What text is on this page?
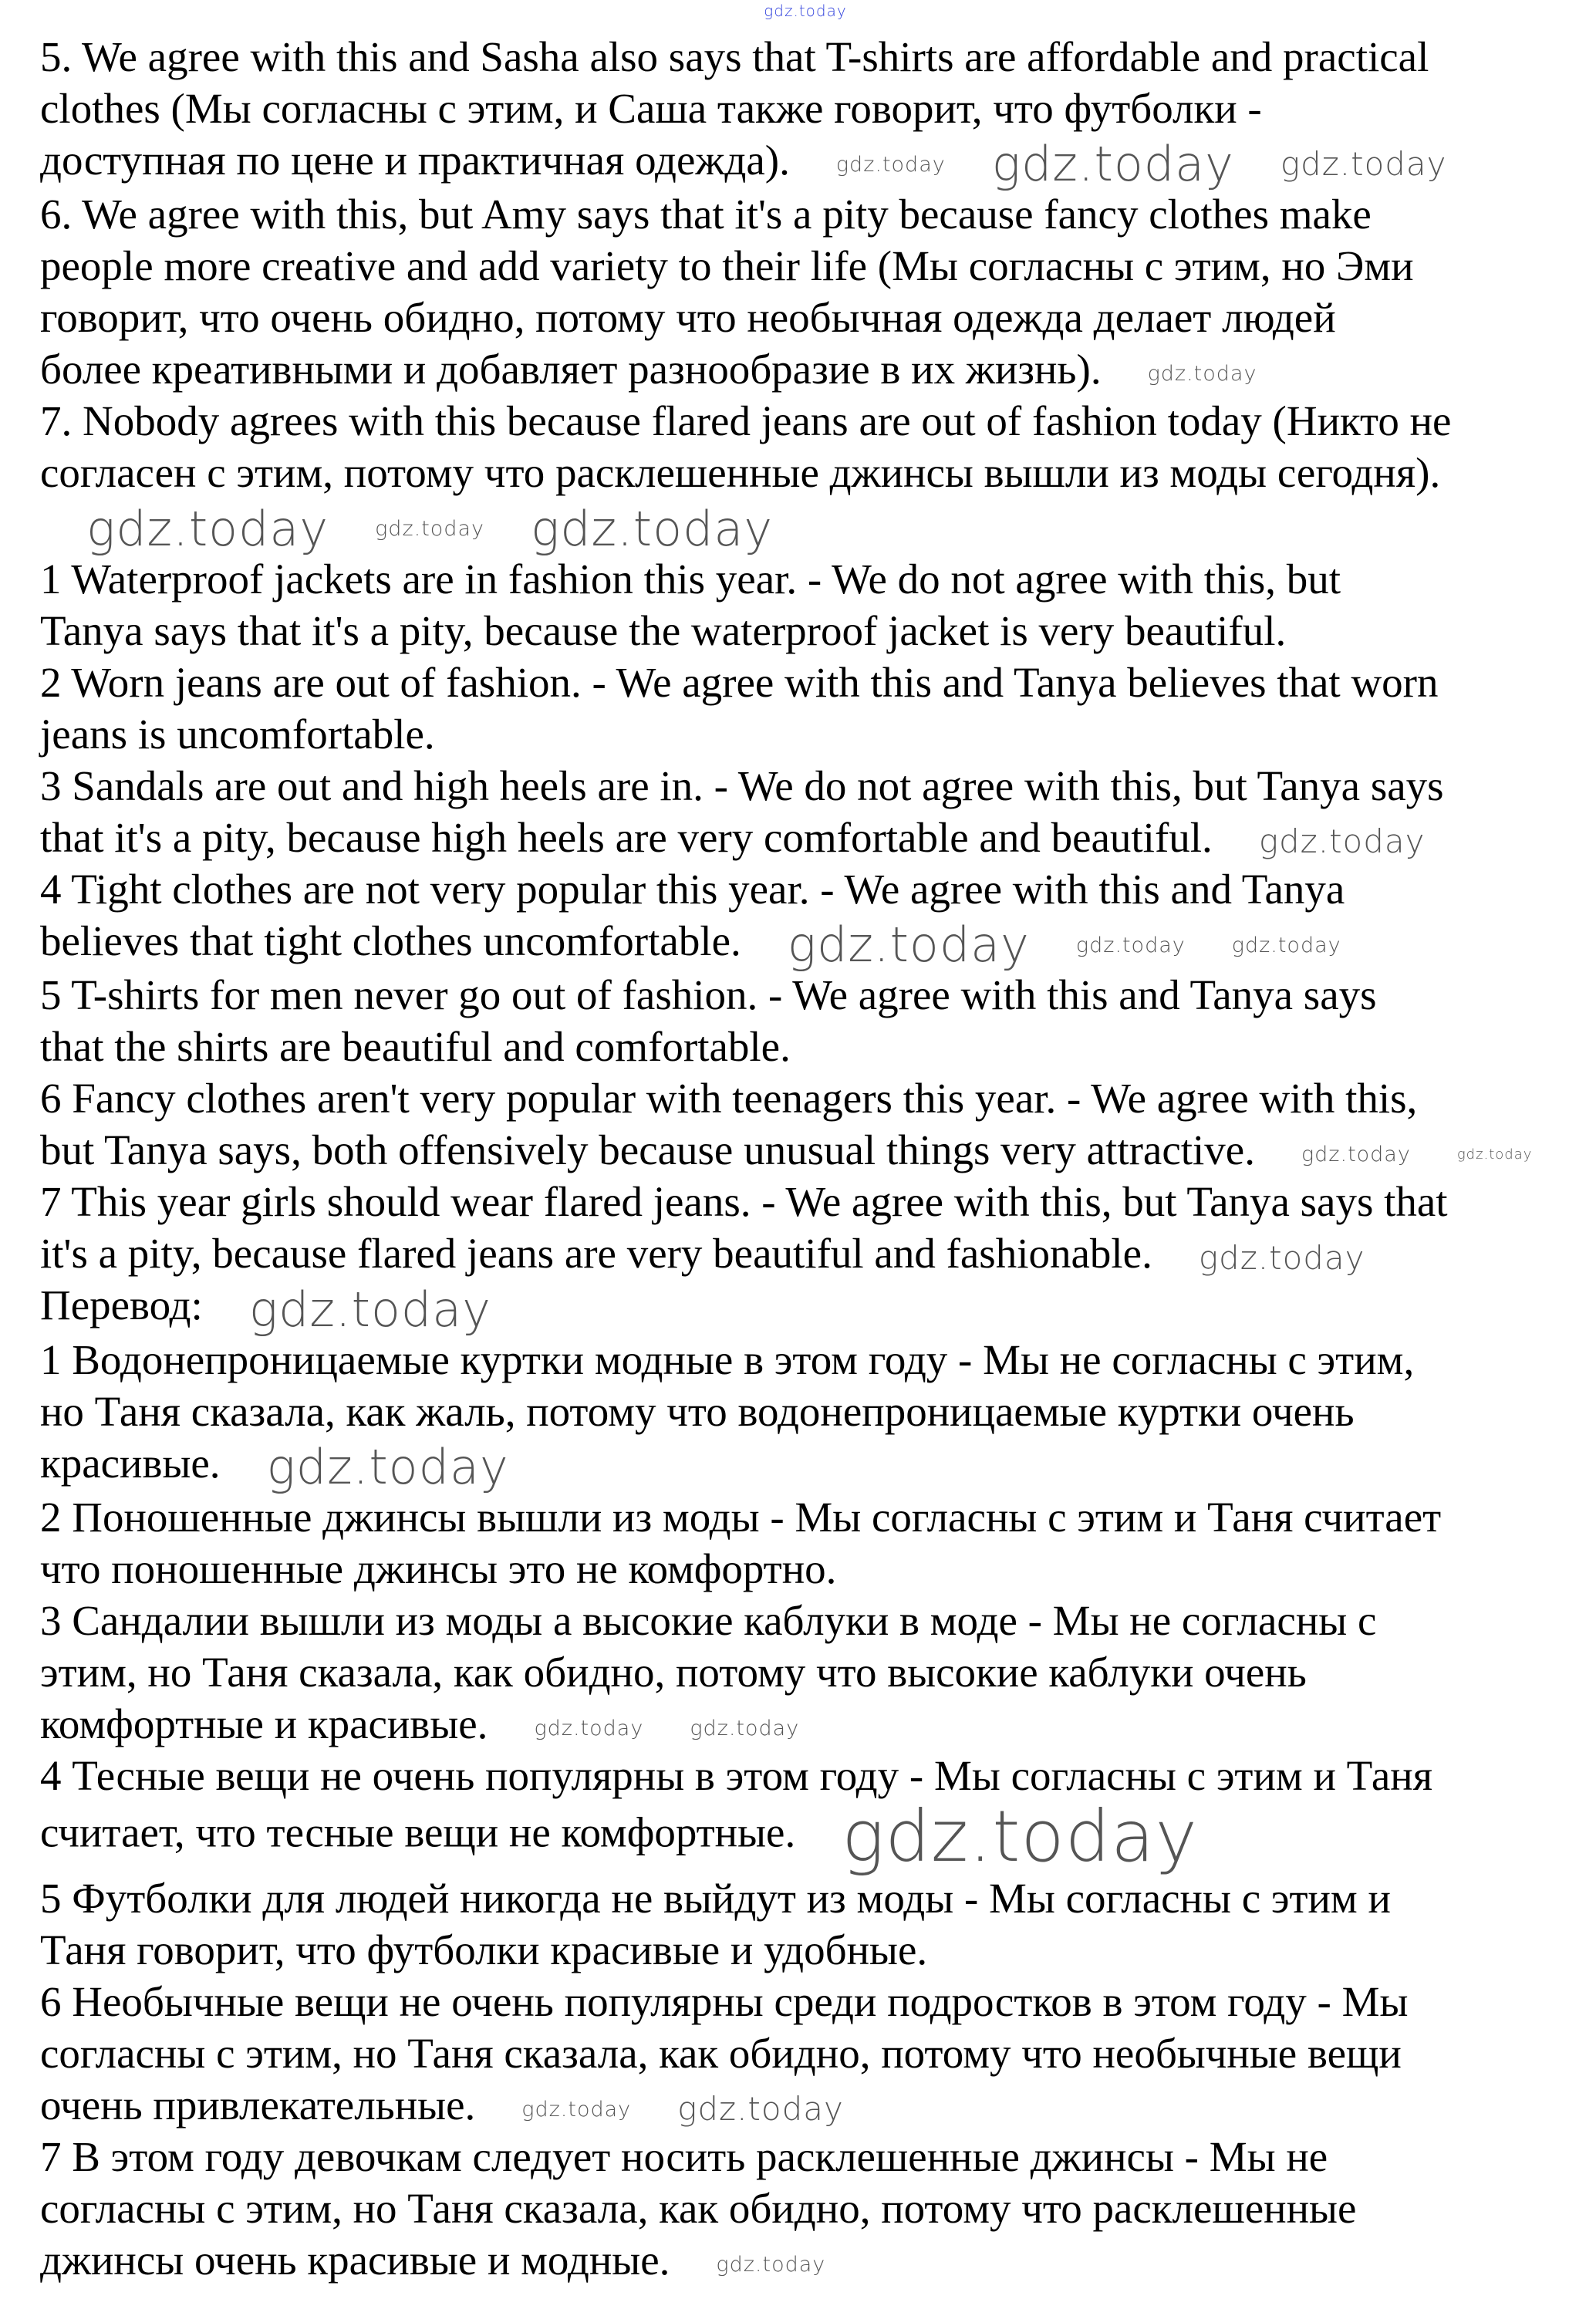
gdz.today
5. We agree with this and Sasha also says that T-shirts are affordable and practical
clothes (Мы согласны с этим, и Саша также говорит, что футболки -
доступная по цене и практичная одежда). gdz.today gdz.today gdz.today
6. We agree with this, but Amy says that it's a pity because fancy clothes make
people more creative and add variety to their life (Мы согласны с этим, но Эми
говорит, что очень обидно, потому что необычная одежда делает людей
более креативными и добавляет разнообразие в их жизнь). gdz.today
7. Nobody agrees with this because flared jeans are out of fashion today (Никто не
согласен с этим, потому что расклешенные джинсы вышли из моды сегодня).
gdz.today gdz.today gdz.today
1 Waterproof jackets are in fashion this year. - We do not agree with this, but
Tanya says that it's a pity, because the waterproof jacket is very beautiful.
2 Worn jeans are out of fashion. - We agree with this and Tanya believes that worn
jeans is uncomfortable.
3 Sandals are out and high heels are in. - We do not agree with this, but Tanya says
that it's a pity, because high heels are very comfortable and beautiful. gdz.today
4 Tight clothes are not very popular this year. - We agree with this and Tanya
believes that tight clothes uncomfortable. gdz.today gdz.today gdz.today
5 T-shirts for men never go out of fashion. - We agree with this and Tanya says
that the shirts are beautiful and comfortable.
6 Fancy clothes aren't very popular with teenagers this year. - We agree with this,
but Tanya says, both offensively because unusual things very attractive. gdz.today	gdz.today
7 This year girls should wear flared jeans. - We agree with this, but Tanya says that
it's a pity, because flared jeans are very beautiful and fashionable. gdz.today
Перевод: gdz.today
1 Водонепроницаемые куртки модные в этом году - Мы не согласны с этим,
но Таня сказала, как жаль, потому что водонепроницаемые куртки очень
красивые. gdz.today
2 Поношенные джинсы вышли из моды - Мы согласны с этим и Таня считает
что поношенные джинсы это не комфортно.
3 Сандалии вышли из моды а высокие каблуки в моде - Мы не согласны с
этим, но Таня сказала, как обидно, потому что высокие каблуки очень
комфортные и красивые. gdz.today gdz.today
4 Тесные вещи не очень популярны в этом году - Мы согласны с этим и Таня
считает, что тесные вещи не комфортные. gdz.today
5 Футболки для людей никогда не выйдут из моды - Мы согласны с этим и
Таня говорит, что футболки красивые и удобные.
6 Необычные вещи не очень популярны среди подростков в этом году - Мы
согласны с этим, но Таня сказала, как обидно, потому что необычные вещи
очень привлекательные. gdz.today gdz.today
7 В этом году девочкам следует носить расклешенные джинсы - Мы не
согласны с этим, но Таня сказала, как обидно, потому что расклешенные
джинсы очень красивые и модные. gdz.today
